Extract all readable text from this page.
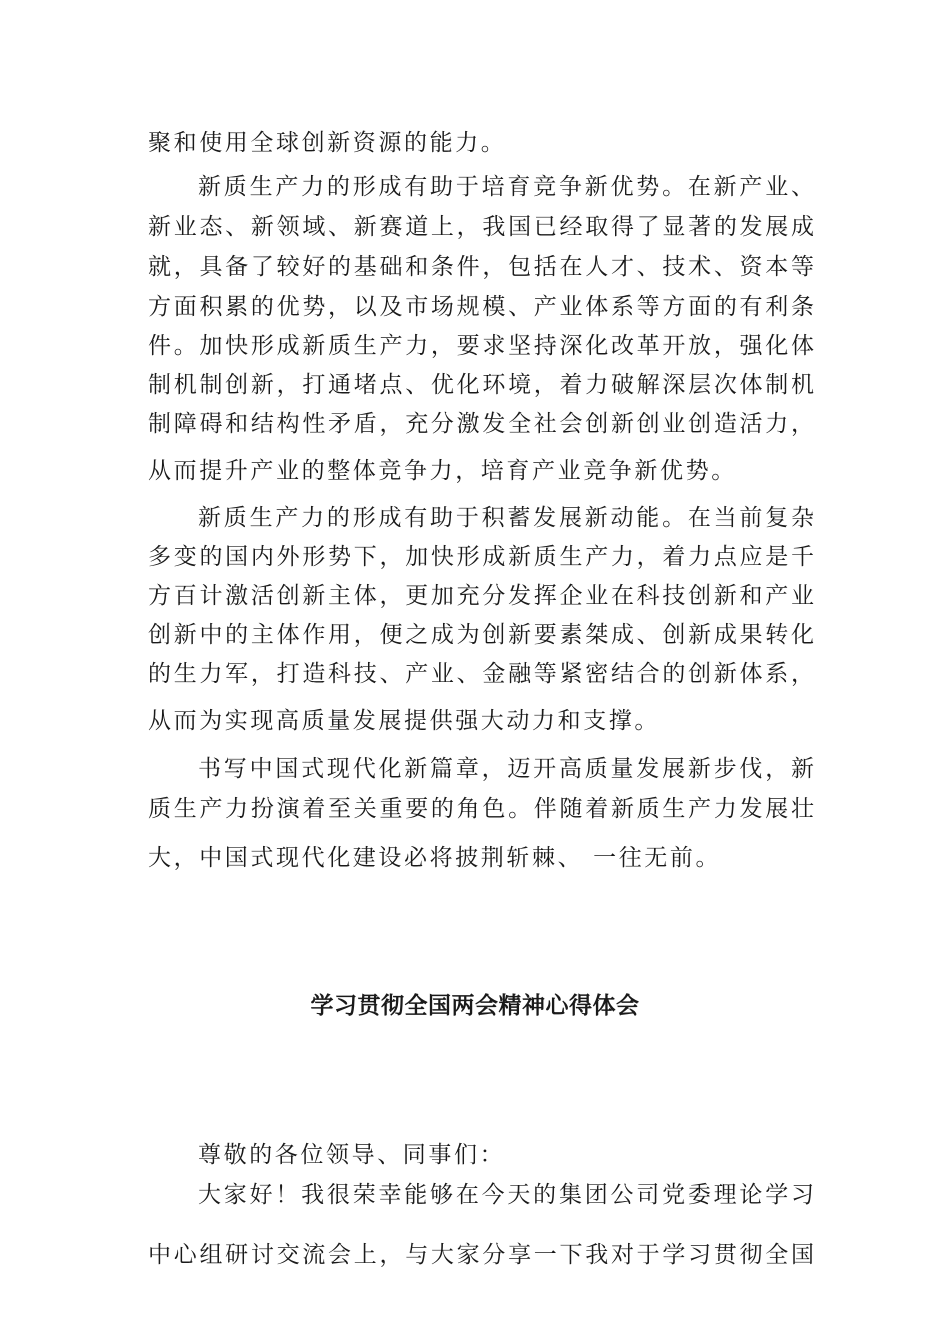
聚和使用全球创新资源的能力。

新质生产力的形成有助于培育竞争新优势。在新产业、

新业态、新领域、新赛道上，我国已经取得了显著的发展成

就，具备了较好的基础和条件，包括在人才、技术、资本等

方面积累的优势，以及市场规模、产业体系等方面的有利条

件。加快形成新质生产力，要求坚持深化改革开放，强化体

制机制创新，打通堵点、优化环境，着力破解深层次体制机

制障碍和结构性矛盾，充分激发全社会创新创业创造活力，

从而提升产业的整体竞争力，培育产业竞争新优势。

新质生产力的形成有助于积蓄发展新动能。在当前复杂

多变的国内外形势下，加快形成新质生产力，着力点应是千

方百计激活创新主体，更加充分发挥企业在科技创新和产业

创新中的主体作用，便之成为创新要素桀成、创新成果转化

的生力军，打造科技、产业、金融等紧密结合的创新体系，

从而为实现高质量发展提供强大动力和支撑。

书写中国式现代化新篇章，迈开高质量发展新步伐，新

质生产力扮演着至关重要的角色。伴随着新质生产力发展壮

大，中国式现代化建设必将披荆斩棘、 一往无前。

学习贯彻全国两会精神心得体会

尊敬的各位领导、同事们：

大家好！我很荣幸能够在今天的集团公司党委理论学习

中心组研讨交流会上，与大家分享一下我对于学习贯彻全国
